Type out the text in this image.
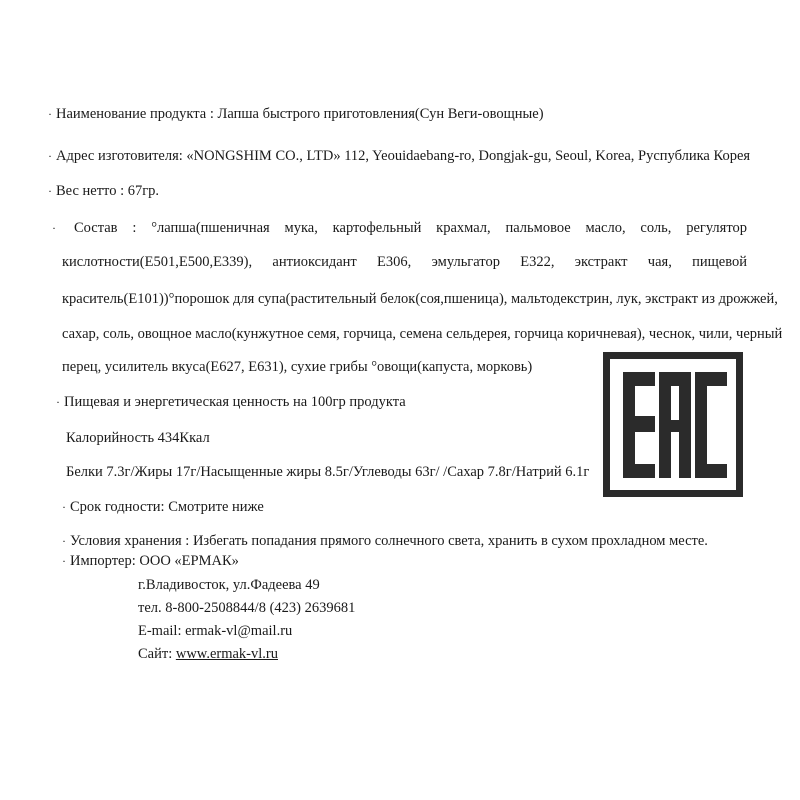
· Наименование продукта : Лапша быстрого приготовления(Сун Веги-овощные)
· Адрес изготовителя: «NONGSHIM CO., LTD» 112, Yeouidaebang-ro, Dongjak-gu, Seoul, Korea, Руспублика Корея
· Вес нетто : 67гр.
· Состав : °лапша(пшеничная мука, картофельный крахмал, пальмовое масло, соль, регулятор
кислотности(E501,E500,E339), антиоксидант E306, эмульгатор E322, экстракт чая, пищевой
краситель(E101))°порошок для супа(растительный белок(соя,пшеница), мальтодекстрин, лук, экстракт из дрожжей,
сахар, соль, овощное масло(кунжутное семя, горчица, семена сельдерея, горчица коричневая), чеснок, чили, черный
перец, усилитель вкуса(E627, E631), сухие грибы °овощи(капуста, морковь)
· Пищевая и энергетическая ценность на 100гр продукта
Калорийность 434Ккал
Белки 7.3г/Жиры 17г/Насыщенные жиры 8.5г/Углеводы 63г/ /Сахар 7.8г/Натрий 6.1г
· Срок годности: Смотрите ниже
· Условия хранения : Избегать попадания прямого солнечного света, хранить в сухом прохладном месте.
· Импортер: ООО «ЕРМАК»
г.Владивосток, ул.Фадеева 49
тел. 8-800-2508844/8 (423) 2639681
E-mail: ermak-vl@mail.ru
Сайт: www.ermak-vl.ru
